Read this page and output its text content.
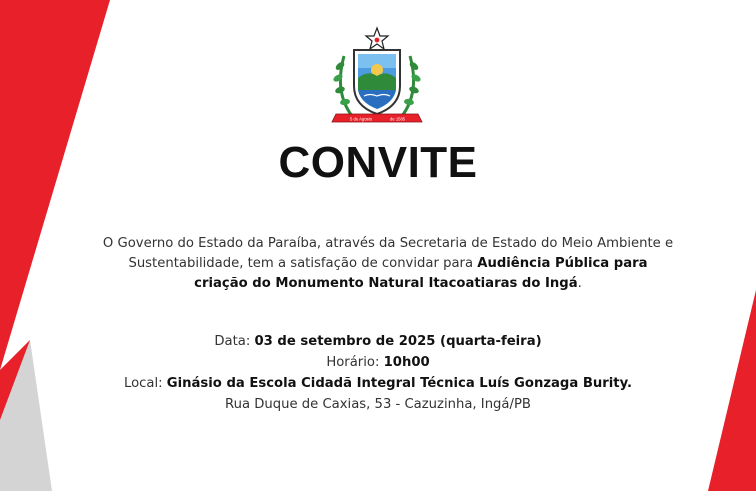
5 de Agosto	de 1585
CONVITE
O Governo do Estado da Paraíba, através da Secretaria de Estado do Meio Ambiente e Sustentabilidade, tem a satisfação de convidar para Audiência Pública para criação do Monumento Natural Itacoatiaras do Ingá.
Data: 03 de setembro de 2025 (quarta-feira)
Horário: 10h00
Local: Ginásio da Escola Cidadã Integral Técnica Luís Gonzaga Burity.
Rua Duque de Caxias, 53 - Cazuzinha, Ingá/PB
